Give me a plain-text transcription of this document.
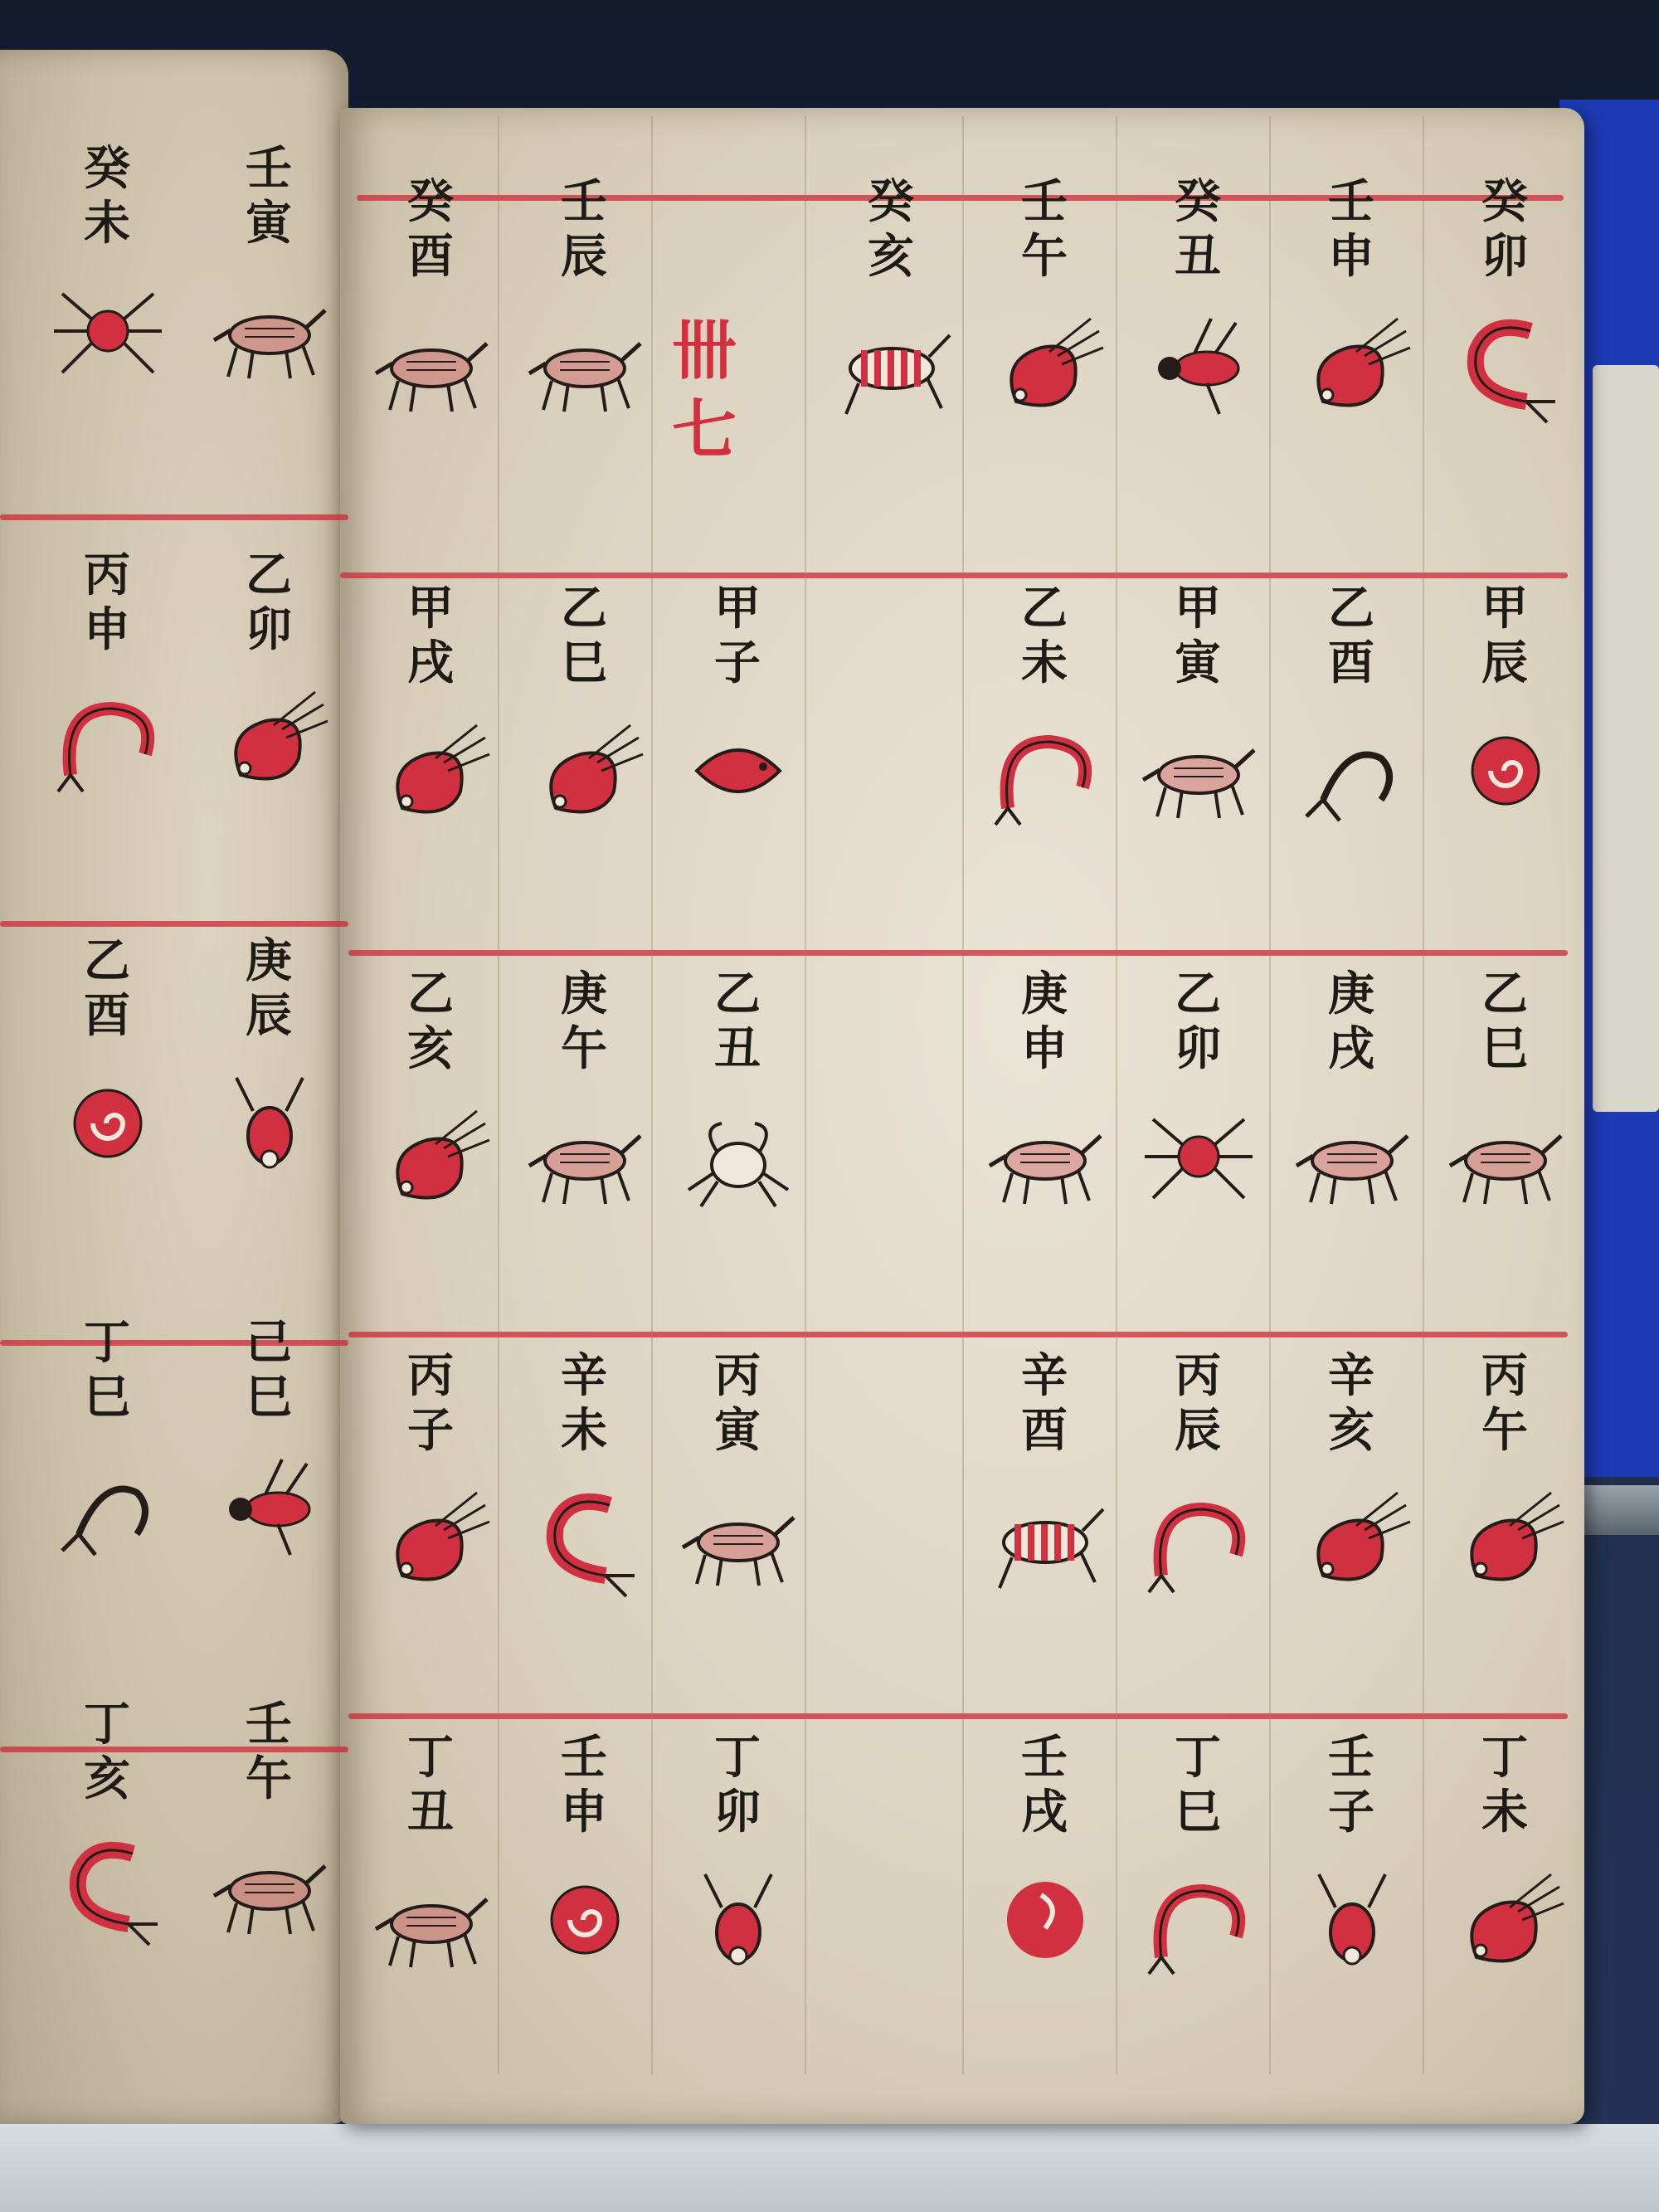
卌
七
癸
酉
壬
辰
癸
亥
壬
午
癸
丑
壬
申
癸
卯
甲
戌
乙
巳
甲
子
乙
未
甲
寅
乙
酉
甲
辰
乙
亥
庚
午
乙
丑
庚
申
乙
卯
庚
戌
乙
巳
丙
子
辛
未
丙
寅
辛
酉
丙
辰
辛
亥
丙
午
丁
丑
壬
申
丁
卯
壬
戌
丁
巳
壬
子
丁
未
癸
未
壬
寅
丙
申
乙
卯
乙
酉
庚
辰
丁
巳
己
巳
丁
亥
壬
午
